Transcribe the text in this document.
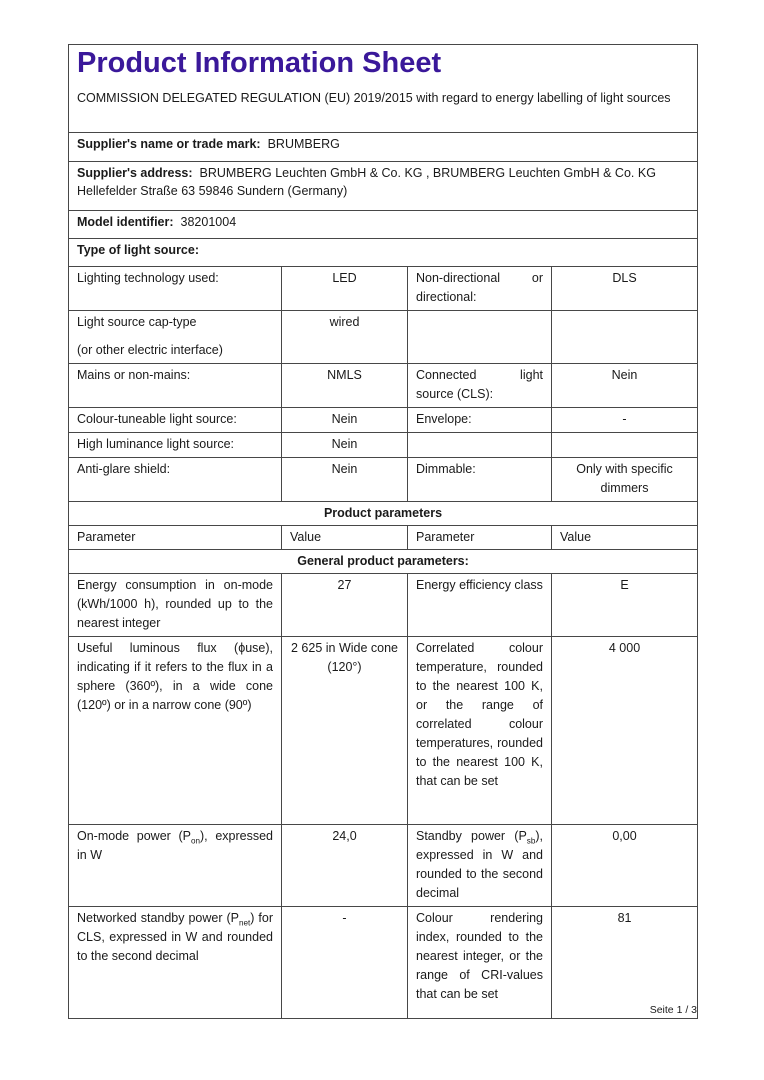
Product Information Sheet
COMMISSION DELEGATED REGULATION (EU) 2019/2015 with regard to energy labelling of light sources			

Supplier's name or trade mark: BRUMBERG			
Supplier's address: BRUMBERG Leuchten GmbH & Co. KG , BRUMBERG Leuchten GmbH & Co. KG Hellefelder Straße 63 59846 Sundern (Germany)			
Model identifier: 38201004			
Type of light source:			
Lighting technology used:	LED	Non-directional or directional:	DLS

Light source cap-type
(or other electric interface)	wired		
Mains or non-mains:	NMLS	Connected light source (CLS):	Nein
Colour-tuneable light source:	Nein	Envelope:	-
High luminance light source:	Nein		
Anti-glare shield:	Nein	Dimmable:	Only with specific dimmers
Product parameters			
Parameter	Value	Parameter	Value
General product parameters:			
Energy consumption in on-mode (kWh/1000 h), rounded up to the nearest integer	27	Energy efficiency class	E
Useful luminous flux (ϕuse), indicating if it refers to the flux in a sphere (360º), in a wide cone (120º) or in a narrow cone (90º)	2 625 in Wide cone (120°)	Correlated colour temperature, rounded to the nearest 100 K, or the range of correlated colour temperatures, rounded to the nearest 100 K, that can be set	4 000
On-mode power $(P_{on})$, expressed in W	24,0	Standby power $(P_{sb})$, expressed in W and rounded to the second decimal	0,00
Networked standby power $(P_{net})$ for CLS, expressed in W and rounded to the second decimal	-	Colour rendering index, rounded to the nearest integer, or the range of CRI-values that can be set	81
Seite 1 / 3
